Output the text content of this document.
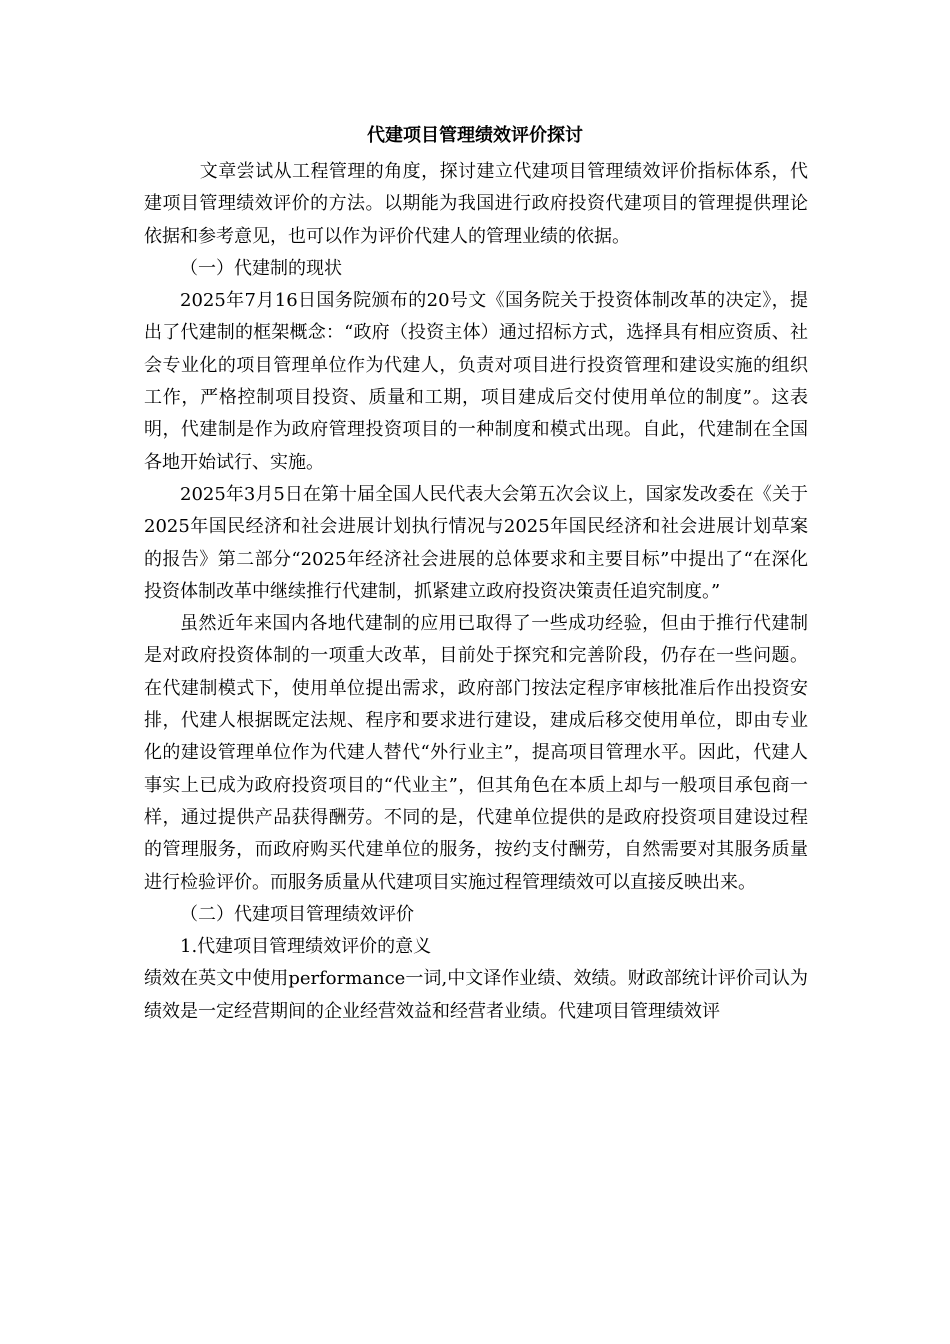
代建项目管理绩效评价探讨

文章尝试从工程管理的角度，探讨建立代建项目管理绩效评价指标体系，代建项目管理绩效评价的方法。以期能为我国进行政府投资代建项目的管理提供理论依据和参考意见，也可以作为评价代建人的管理业绩的依据。

（一）代建制的现状

2025年7月16日国务院颁布的20号文《国务院关于投资体制改革的决定》，提出了代建制的框架概念：“政府（投资主体）通过招标方式，选择具有相应资质、社会专业化的项目管理单位作为代建人，负责对项目进行投资管理和建设实施的组织工作，严格控制项目投资、质量和工期，项目建成后交付使用单位的制度”。这表明，代建制是作为政府管理投资项目的一种制度和模式出现。自此，代建制在全国各地开始试行、实施。

2025年3月5日在第十届全国人民代表大会第五次会议上，国家发改委在《关于2025年国民经济和社会进展计划执行情况与2025年国民经济和社会进展计划草案的报告》第二部分“2025年经济社会进展的总体要求和主要目标”中提出了“在深化投资体制改革中继续推行代建制，抓紧建立政府投资决策责任追究制度。”

虽然近年来国内各地代建制的应用已取得了一些成功经验，但由于推行代建制是对政府投资体制的一项重大改革，目前处于探究和完善阶段，仍存在一些问题。在代建制模式下，使用单位提出需求，政府部门按法定程序审核批准后作出投资安排，代建人根据既定法规、程序和要求进行建设，建成后移交使用单位，即由专业化的建设管理单位作为代建人替代“外行业主”，提高项目管理水平。因此，代建人事实上已成为政府投资项目的“代业主”，但其角色在本质上却与一般项目承包商一样，通过提供产品获得酬劳。不同的是，代建单位提供的是政府投资项目建设过程的管理服务，而政府购买代建单位的服务，按约支付酬劳，自然需要对其服务质量进行检验评价。而服务质量从代建项目实施过程管理绩效可以直接反映出来。

（二）代建项目管理绩效评价

1.代建项目管理绩效评价的意义

绩效在英文中使用performance一词,中文译作业绩、效绩。财政部统计评价司认为绩效是一定经营期间的企业经营效益和经营者业绩。代建项目管理绩效评
